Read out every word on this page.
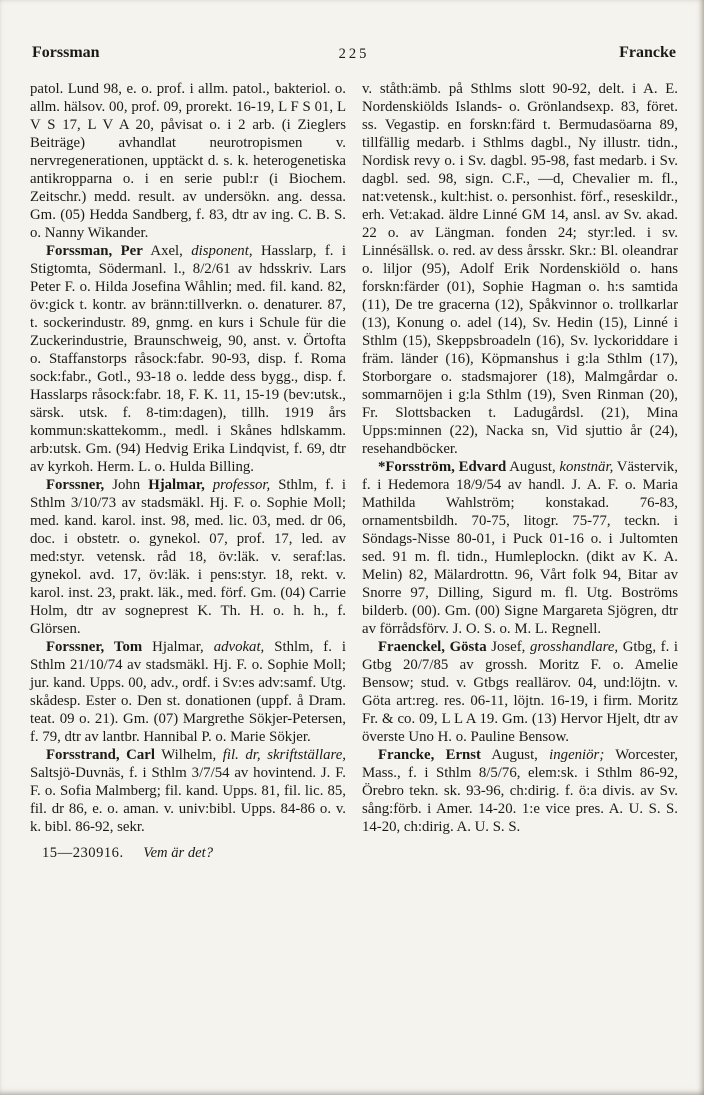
Forssman	225	Francke

patol. Lund 98, e. o. prof. i allm. patol., bakteriol. o. allm. hälsov. 00, prof. 09, prorekt. 16-19, L F S 01, L V S 17, L V A 20, påvisat o. i 2 arb. (i Zieglers Beiträge) avhandlat neurotropismen v. nervregenerationen, upptäckt d. s. k. heterogenetiska antikropparna o. i en serie publ:r (i Biochem. Zeitschr.) medd. result. av undersökn. ang. dessa. Gm. (05) Hedda Sandberg, f. 83, dtr av ing. C. B. S. o. Nanny Wikander.

Forssman, Per Axel, disponent, Hasslarp, f. i Stigtomta, Södermanl. l., 8/2/61 av hdsskriv. Lars Peter F. o. Hilda Josefina Wåhlin; med. fil. kand. 82, öv:gick t. kontr. av bränn:tillverkn. o. denaturer. 87, t. sockerindustr. 89, gnmg. en kurs i Schule für die Zuckerindustrie, Braunschweig, 90, anst. v. Örtofta o. Staffanstorps råsock:fabr. 90-93, disp. f. Roma sock:fabr., Gotl., 93-18 o. ledde dess bygg., disp. f. Hasslarps råsock:fabr. 18, F. K. 11, 15-19 (bev:utsk., särsk. utsk. f. 8-tim:dagen), tillh. 1919 års kommun:skattekomm., medl. i Skånes hdlskamm. arb:utsk. Gm. (94) Hedvig Erika Lindqvist, f. 69, dtr av kyrkoh. Herm. L. o. Hulda Billing.

Forssner, John Hjalmar, professor, Sthlm, f. i Sthlm 3/10/73 av stadsmäkl. Hj. F. o. Sophie Moll; med. kand. karol. inst. 98, med. lic. 03, med. dr 06, doc. i obstetr. o. gynekol. 07, prof. 17, led. av med:styr. vetensk. råd 18, öv:läk. v. seraf:las. gynekol. avd. 17, öv:läk. i pens:styr. 18, rekt. v. karol. inst. 23, prakt. läk., med. förf. Gm. (04) Carrie Holm, dtr av sogneprest K. Th. H. o. h. h., f. Glörsen.

Forssner, Tom Hjalmar, advokat, Sthlm, f. i Sthlm 21/10/74 av stadsmäkl. Hj. F. o. Sophie Moll; jur. kand. Upps. 00, adv., ordf. i Sv:es adv:samf. Utg. skådesp. Ester o. Den st. donationen (uppf. å Dram. teat. 09 o. 21). Gm. (07) Margrethe Sökjer-Petersen, f. 79, dtr av lantbr. Hannibal P. o. Marie Sökjer.

Forsstrand, Carl Wilhelm, fil. dr, skriftställare, Saltsjö-Duvnäs, f. i Sthlm 3/7/54 av hovintend. J. F. F. o. Sofia Malmberg; fil. kand. Upps. 81, fil. lic. 85, fil. dr 86, e. o. aman. v. univ:bibl. Upps. 84-86 o. v. k. bibl. 86-92, sekr.

v. ståth:ämb. på Sthlms slott 90-92, delt. i A. E. Nordenskiölds Islands- o. Grönlandsexp. 83, föret. ss. Vegastip. en forskn:färd t. Bermudasöarna 89, tillfällig medarb. i Sthlms dagbl., Ny illustr. tidn., Nordisk revy o. i Sv. dagbl. 95-98, fast medarb. i Sv. dagbl. sed. 98, sign. C.F., —d, Chevalier m. fl., nat:vetensk., kult:hist. o. personhist. förf., reseskildr., erh. Vet:akad. äldre Linné GM 14, ansl. av Sv. akad. 22 o. av Längman. fonden 24; styr:led. i sv. Linnésällsk. o. red. av dess årsskr. Skr.: Bl. oleandrar o. liljor (95), Adolf Erik Nordenskiöld o. hans forskn:färder (01), Sophie Hagman o. h:s samtida (11), De tre gracerna (12), Spåkvinnor o. trollkarlar (13), Konung o. adel (14), Sv. Hedin (15), Linné i Sthlm (15), Skeppsbroadeln (16), Sv. lyckoriddare i främ. länder (16), Köpmanshus i g:la Sthlm (17), Storborgare o. stadsmajorer (18), Malmgårdar o. sommarnöjen i g:la Sthlm (19), Sven Rinman (20), Fr. Slottsbacken t. Ladugårdsl. (21), Mina Upps:minnen (22), Nacka sn, Vid sjuttio år (24), resehandböcker.

*Forsström, Edvard August, konstnär, Västervik, f. i Hedemora 18/9/54 av handl. J. A. F. o. Maria Mathilda Wahlström; konstakad. 76-83, ornamentsbildh. 70-75, litogr. 75-77, teckn. i Söndags-Nisse 80-01, i Puck 01-16 o. i Jultomten sed. 91 m. fl. tidn., Humleplockn. (dikt av K. A. Melin) 82, Mälardrottn. 96, Vårt folk 94, Bitar av Snorre 97, Dilling, Sigurd m. fl. Utg. Boströms bilderb. (00). Gm. (00) Signe Margareta Sjögren, dtr av förrådsförv. J. O. S. o. M. L. Regnell.

Fraenckel, Gösta Josef, grosshandlare, Gtbg, f. i Gtbg 20/7/85 av grossh. Moritz F. o. Amelie Bensow; stud. v. Gtbgs reallärov. 04, und:löjtn. v. Göta art:reg. res. 06-11, löjtn. 16-19, i firm. Moritz Fr. & co. 09, L L A 19. Gm. (13) Hervor Hjelt, dtr av överste Uno H. o. Pauline Bensow.

Francke, Ernst August, ingeniör; Worcester, Mass., f. i Sthlm 8/5/76, elem:sk. i Sthlm 86-92, Örebro tekn. sk. 93-96, ch:dirig. f. ö:a divis. av Sv. sång:förb. i Amer. 14-20. 1:e vice pres. A. U. S. S. 14-20, ch:dirig. A. U. S. S.

15—230916. Vem är det?
